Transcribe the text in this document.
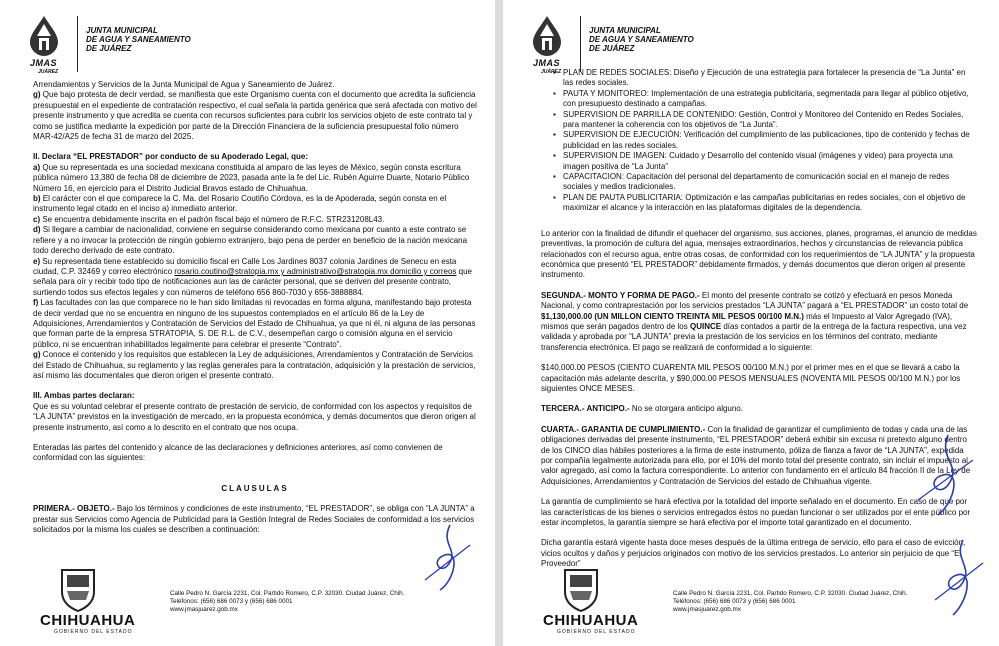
JMAS
JUÁREZ
JUNTA MUNICIPAL
DE AGUA Y SANEAMIENTO
DE JUÁREZ

Arrendamientos y Servicios de la Junta Municipal de Agua y Saneamiento de Juárez.

g) Que bajo protesta de decir verdad, se manifiesta que este Organismo cuenta con el documento que acredita la suficiencia presupuestal en el expediente de contratación respectivo, el cual señala la partida genérica que será afectada con motivo del presente instrumento y que acredita se cuenta con recursos suficientes para cubrir los servicios objeto de este contrato tal y como se justifica mediante la expedición por parte de la Dirección Financiera de la suficiencia presupuestal folio número MAR-42/A25 de fecha 31 de marzo del 2025.

II. Declara “EL PRESTADOR” por conducto de su Apoderado Legal, que:

a) Que su representada es una sociedad mexicana constituida al amparo de las leyes de México, según consta escritura pública número 13,380 de fecha 08 de diciembre de 2023, pasada ante la fe del Lic. Rubén Aguirre Duarte, Notario Público Número 16, en ejercicio para el Distrito Judicial Bravos estado de Chihuahua.

b) El carácter con el que comparece la C. Ma. del Rosario Coutiño Córdova, es la de Apoderada, según consta en el instrumento legal citado en el inciso a) inmediato anterior.

c) Se encuentra debidamente inscrita en el padrón fiscal bajo el número de R.F.C. STR231208L43.

d) Si llegare a cambiar de nacionalidad, conviene en seguirse considerando como mexicana por cuanto a este contrato se refiere y a no invocar la protección de ningún gobierno extranjero, bajo pena de perder en beneficio de la nación mexicana todo derecho derivado de este contrato.

e) Su representada tiene establecido su domicilio fiscal en Calle Los Jardines 8037 colonia Jardines de Senecu en esta ciudad, C.P. 32469 y correo electrónico rosario.coutino@stratopia.mx y administrativo@stratopia.mx domicilio y correos que señala para oír y recibir todo tipo de notificaciones aun las de carácter personal, que se deriven del presente contrato, surtiendo todos sus efectos legales y con números de teléfono 656 860-7030 y 656-3888884.

f) Las facultades con las que comparece no le han sido limitadas ni revocadas en forma alguna, manifestando bajo protesta de decir verdad que no se encuentra en ninguno de los supuestos contemplados en el artículo 86 de la Ley de Adquisiciones, Arrendamientos y Contratación de Servicios del Estado de Chihuahua, ya que ni él, ni alguna de las personas que forman parte de la empresa STRATOPIA, S. DE R.L. de C.V., desempeñan cargo o comisión alguna en el servicio público, ni se encuentran inhabilitados legalmente para celebrar el presente “Contrato”.

g) Conoce el contenido y los requisitos que establecen la Ley de adquisiciones, Arrendamientos y Contratación de Servicios del Estado de Chihuahua, su reglamento y las reglas generales para la contratación, adquisición y la prestación de servicios, así mismo las documentales que dieron origen el presente contrato.

III. Ambas partes declaran:

Que es su voluntad celebrar el presente contrato de prestación de servicio, de conformidad con los aspectos y requisitos de “LA JUNTA” previstos en la investigación de mercado, en la propuesta económica, y demás documentos que dieron origen al presente instrumento, así como a lo descrito en el contrato que nos ocupa.

Enteradas las partes del contenido y alcance de las declaraciones y definiciones anteriores, así como convienen de conformidad con las siguientes:

CLAUSULAS

PRIMERA.- OBJETO.- Bajo los términos y condiciones de este instrumento, “EL PRESTADOR”, se obliga con “LA JUNTA” a prestar sus Servicios como Agencia de Publicidad para la Gestión Integral de Redes Sociales de conformidad a los servicios solicitados por la misma los cuales se describen a continuación:

CHIHUAHUA
GOBIERNO DEL ESTADO
Calle Pedro N. García 2231, Col. Partido Romero, C.P. 32030. Ciudad Juárez, Chih.
Teléfonos: (656) 686 0073 y (656) 686 0001
www.jmasjuarez.gob.mx
JMAS
JUÁREZ
JUNTA MUNICIPAL
DE AGUA Y SANEAMIENTO
DE JUÁREZ
▪ PLAN DE REDES SOCIALES: Diseño y Ejecución de una estrategia para fortalecer la presencia de “La Junta” en las redes sociales.
▪ PAUTA Y MONITOREO: Implementación de una estrategia publicitaria, segmentada para llegar al público objetivo, con presupuesto destinado a campañas.
▪ SUPERVISION DE PARRILLA DE CONTENIDO: Gestión, Control y Monitoreo del Contenido en Redes Sociales, para mantener la coherencia con los objetivos de “La Junta”.
▪ SUPERVISION DE EJECUCIÓN: Verificación del cumplimiento de las publicaciones, tipo de contenido y fechas de publicidad en las redes sociales.
▪ SUPERVISION DE IMAGEN: Cuidado y Desarrollo del contenido visual (imágenes y video) para proyecta una imagen positiva de “La Junta”
▪ CAPACITACION: Capacitación del personal del departamento de comunicación social en el manejo de redes sociales y medios tradicionales.
▪ PLAN DE PAUTA PUBLICITARIA: Optimización e las campañas publicitarias en redes sociales, con el objetivo de maximizar el alcance y la interacción en las plataformas digitales de la dependencia.

Lo anterior con la finalidad de difundir el quehacer del organismo, sus acciones, planes, programas, el anuncio de medidas preventivas, la promoción de cultura del agua, mensajes extraordinarios, hechos y circunstancias de relevancia pública relacionados con el recurso agua, entre otras cosas, de conformidad con los requerimientos de “LA JUNTA” y la propuesta económica que presentó “EL PRESTADOR” debidamente firmados, y demás documentos que dieron origen al presente instrumento.

SEGUNDA.- MONTO Y FORMA DE PAGO.- El monto del presente contrato se cotizó y efectuará en pesos Moneda Nacional, y como contraprestación por los servicios prestados “LA JUNTA” pagará a “EL PRESTADOR” un costo total de $1,130,000.00 (UN MILLON CIENTO TREINTA MIL PESOS 00/100 M.N.) más el Impuesto al Valor Agregado (IVA), mismos que serán pagados dentro de los QUINCE días contados a partir de la entrega de la factura respectiva, una vez validada y aprobada por “LA JUNTA” previa la prestación de los servicios en los términos del contrato, mediante transferencia electrónica. El pago se realizará de conformidad a lo siguiente:

$140,000.00 PESOS (CIENTO CUARENTA MIL PESOS 00/100 M.N.) por el primer mes en el que se llevará a cabo la capacitación más adelante descrita, y $90,000.00 PESOS MENSUALES (NOVENTA MIL PESOS 00/100 M.N.) por los siguientes ONCE MESES.

TERCERA.- ANTICIPO.- No se otorgara anticipo alguno.

CUARTA.- GARANTIA DE CUMPLIMIENTO.- Con la finalidad de garantizar el cumplimiento de todas y cada una de las obligaciones derivadas del presente instrumento, “EL PRESTADOR” deberá exhibir sin excusa ni pretexto alguno dentro de los CINCO días hábiles posteriores a la firma de este instrumento, póliza de fianza a favor de “LA JUNTA”, expedida por compañía legalmente autorizada para ello, por el 10% del monto total del presente contrato, sin incluir el impuesto al valor agregado, así como la factura correspondiente. Lo anterior con fundamento en el artículo 84 fracción II de la Ley de Adquisiciones, Arrendamientos y Contratación de Servicios del estado de Chihuahua vigente.

La garantía de cumplimiento se hará efectiva por la totalidad del importe señalado en el documento. En caso de que por las características de los bienes o servicios entregados éstos no puedan funcionar o ser utilizados por el ente público por estar incompletos, la garantía siempre se hará efectiva por el importe total garantizado en el documento.

Dicha garantía estará vigente hasta doce meses después de la última entrega de servicio, ello para el caso de evicción, vicios ocultos y daños y perjuicios originados con motivo de los servicios prestados. Lo anterior sin perjuicio de que “El Proveedor”

CHIHUAHUA
GOBIERNO DEL ESTADO
Calle Pedro N. García 2231, Col. Partido Romero, C.P. 32030. Ciudad Juárez, Chih.
Teléfonos: (656) 686 0073 y (656) 686 0001
www.jmasjuarez.gob.mx
